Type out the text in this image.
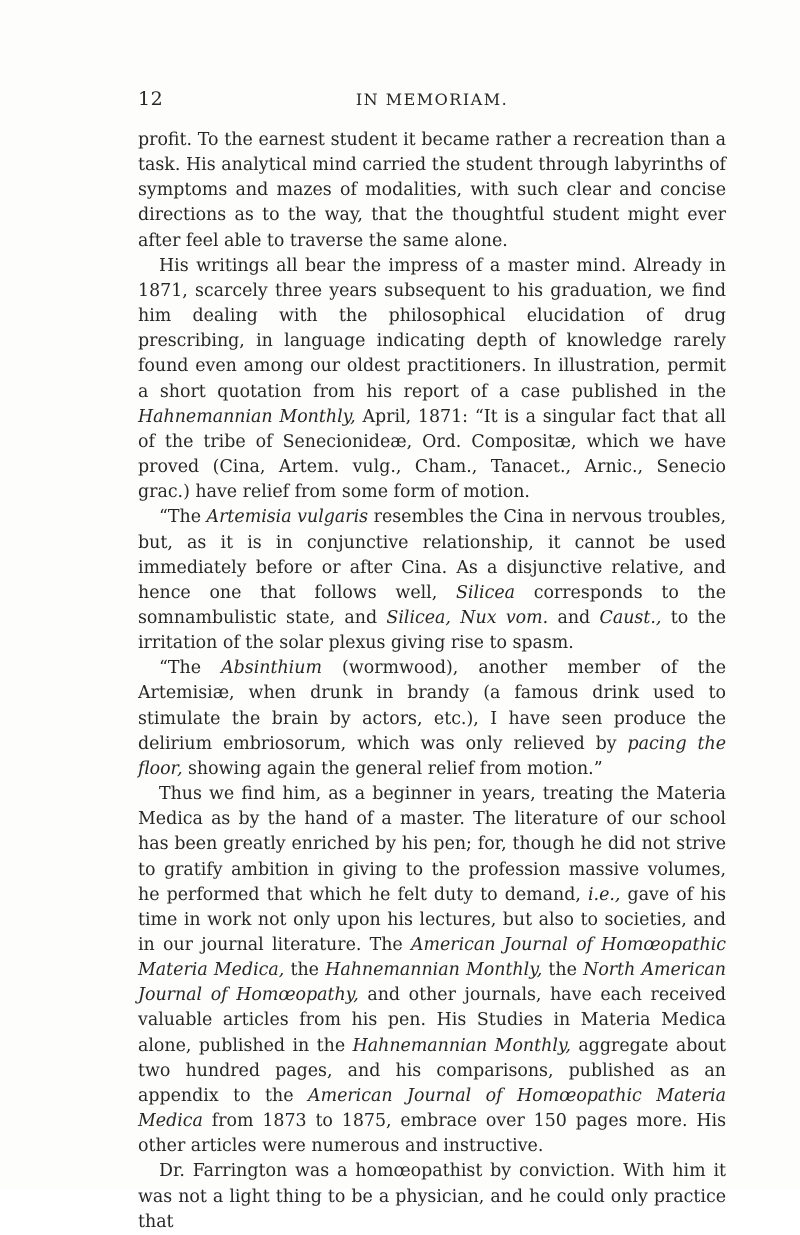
12	IN MEMORIAM.

profit. To the earnest student it became rather a recreation than a task. His analytical mind carried the student through labyrinths of symptoms and mazes of modalities, with such clear and concise directions as to the way, that the thoughtful student might ever after feel able to traverse the same alone.

His writings all bear the impress of a master mind. Already in 1871, scarcely three years subsequent to his graduation, we find him dealing with the philosophical elucidation of drug prescribing, in language indicating depth of knowledge rarely found even among our oldest practitioners. In illustration, permit a short quotation from his report of a case published in the Hahnemannian Monthly, April, 1871: “It is a singular fact that all of the tribe of Senecionideæ, Ord. Compositæ, which we have proved (Cina, Artem. vulg., Cham., Tanacet., Arnic., Senecio grac.) have relief from some form of motion.

“The Artemisia vulgaris resembles the Cina in nervous troubles, but, as it is in conjunctive relationship, it cannot be used immediately before or after Cina. As a disjunctive relative, and hence one that follows well, Silicea corresponds to the somnambulistic state, and Silicea, Nux vom. and Caust., to the irritation of the solar plexus giving rise to spasm.

“The Absinthium (wormwood), another member of the Artemisiæ, when drunk in brandy (a famous drink used to stimulate the brain by actors, etc.), I have seen produce the delirium embriosorum, which was only relieved by pacing the floor, showing again the general relief from motion.”

Thus we find him, as a beginner in years, treating the Materia Medica as by the hand of a master. The literature of our school has been greatly enriched by his pen; for, though he did not strive to gratify ambition in giving to the profession massive volumes, he performed that which he felt duty to demand, i.e., gave of his time in work not only upon his lectures, but also to societies, and in our journal literature. The American Journal of Homœopathic Materia Medica, the Hahnemannian Monthly, the North American Journal of Homœopathy, and other journals, have each received valuable articles from his pen. His Studies in Materia Medica alone, published in the Hahnemannian Monthly, aggregate about two hundred pages, and his comparisons, published as an appendix to the American Journal of Homœopathic Materia Medica from 1873 to 1875, embrace over 150 pages more. His other articles were numerous and instructive.

Dr. Farrington was a homœopathist by conviction. With him it was not a light thing to be a physician, and he could only practice that
